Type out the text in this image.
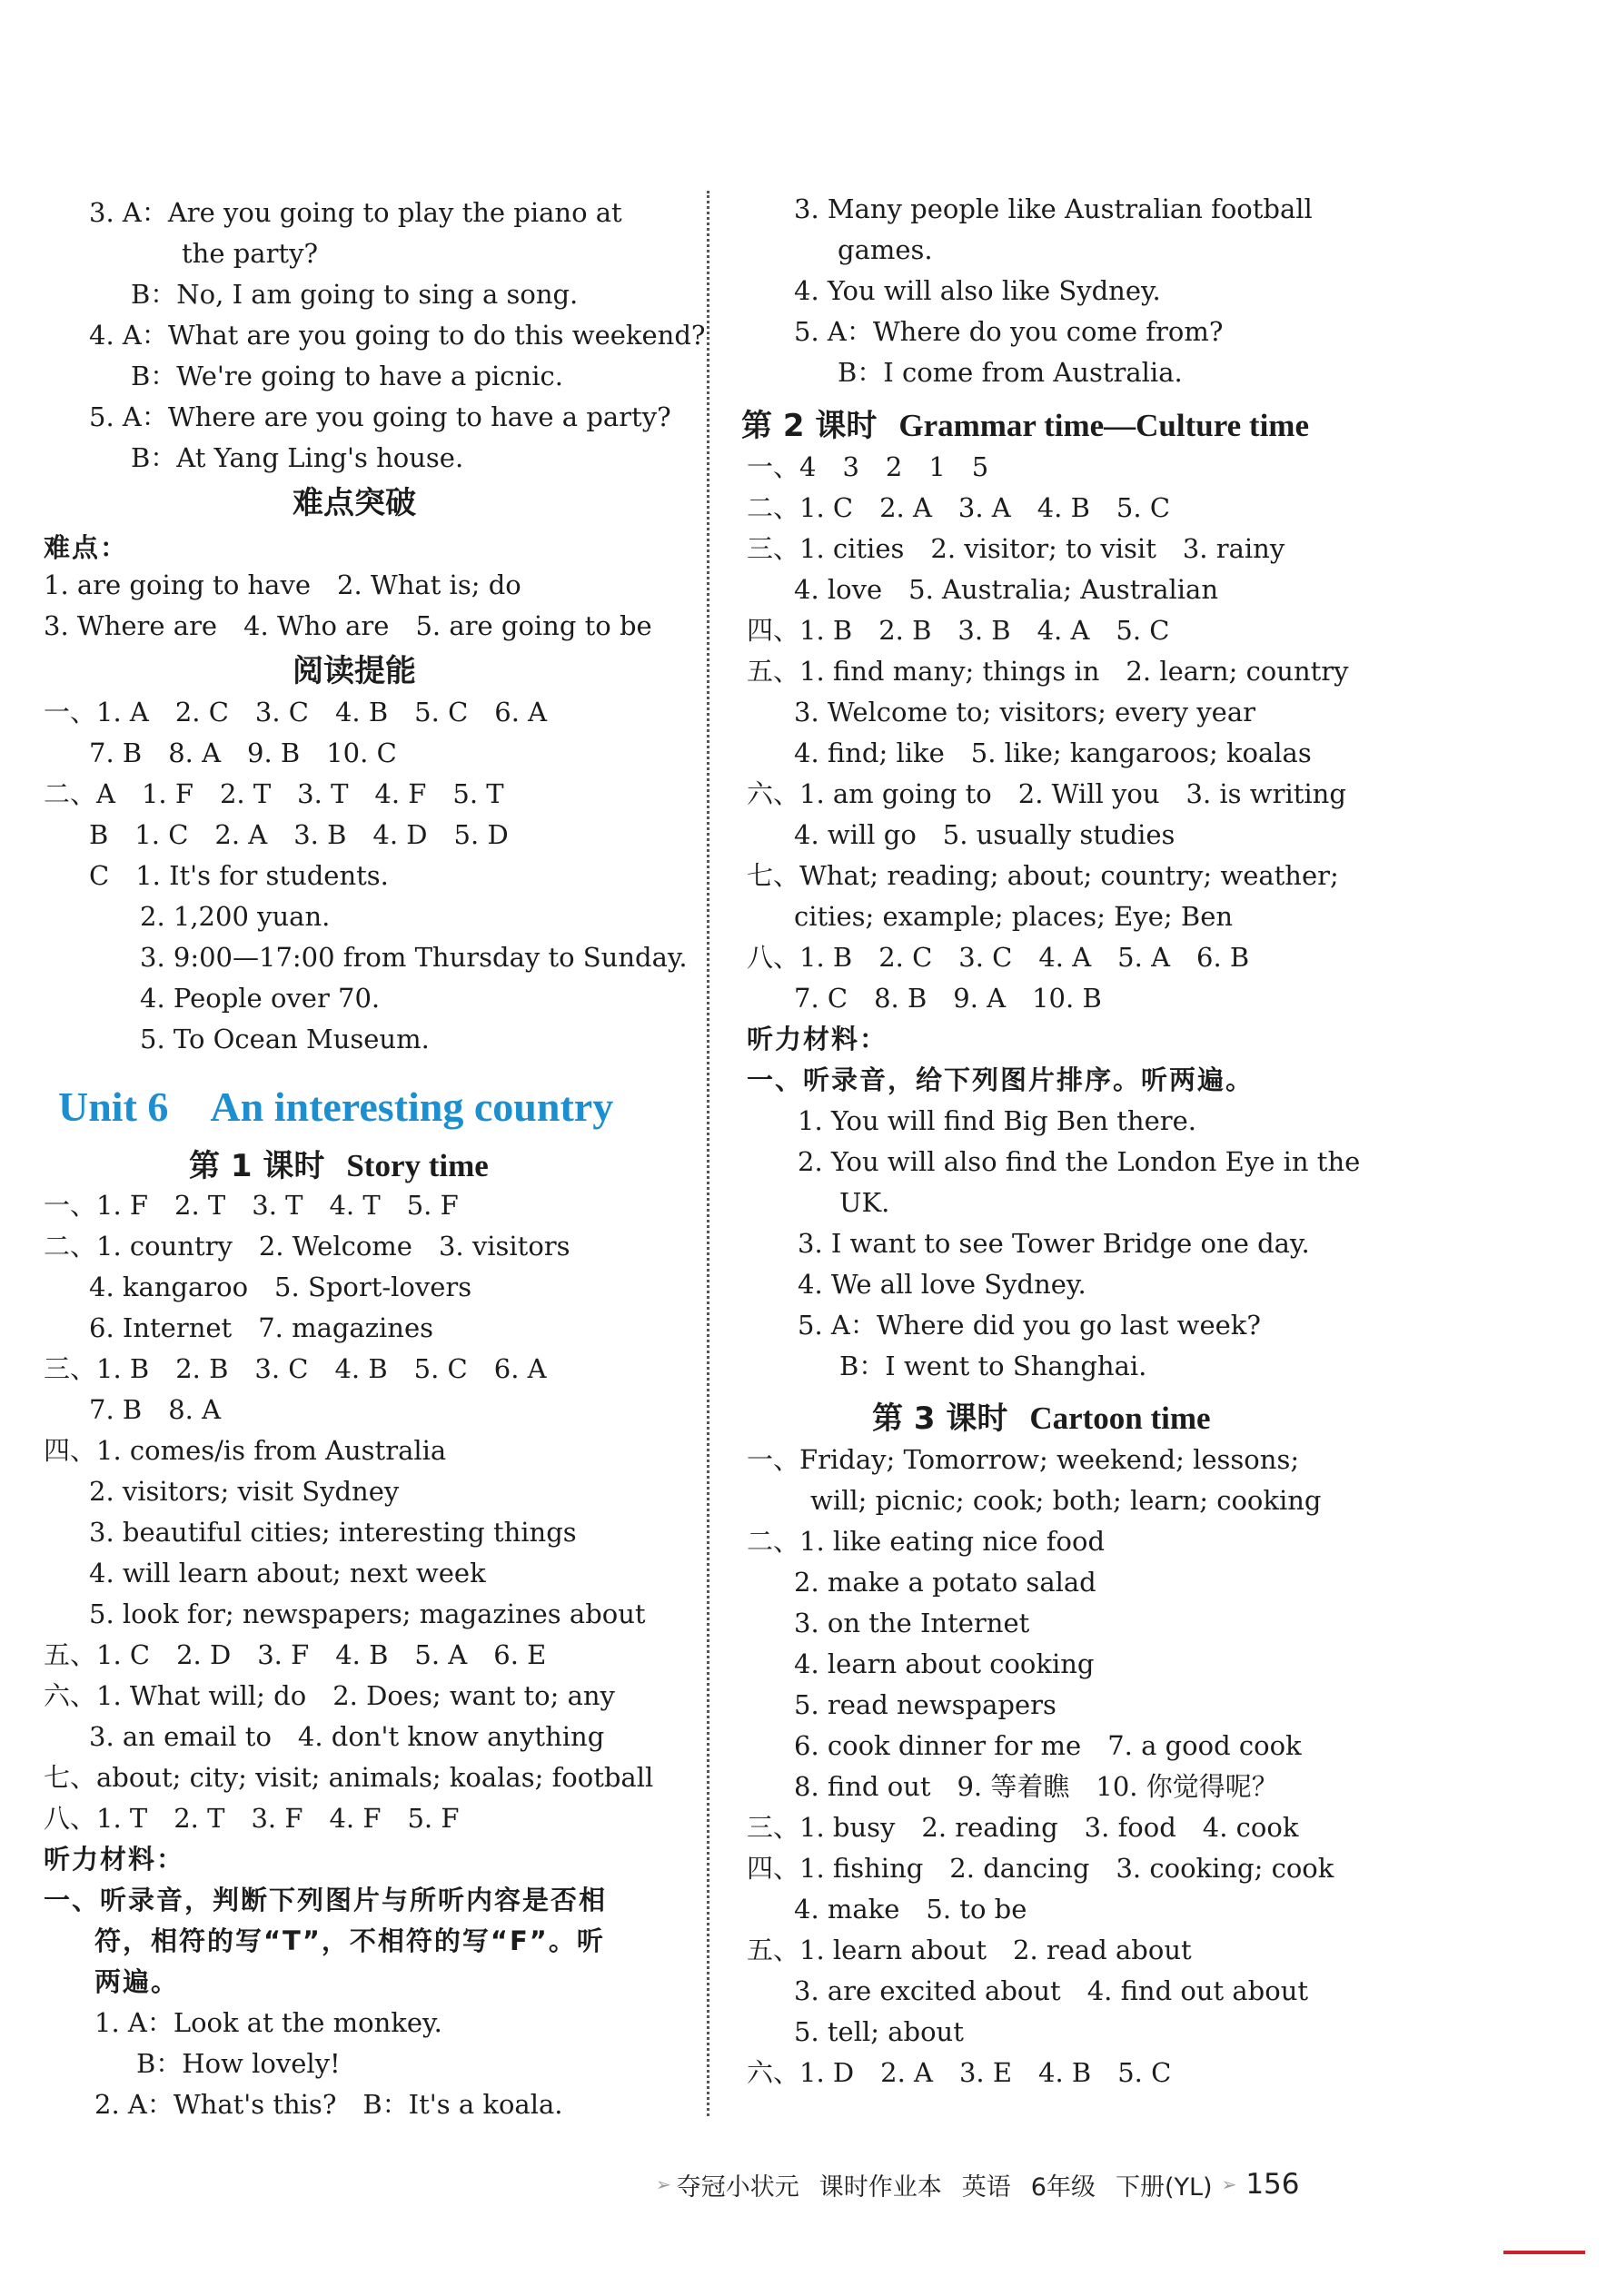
3. A：Are you going to play the piano at
the party?
B：No, I am going to sing a song.
4. A：What are you going to do this weekend?
B：We're going to have a picnic.
5. A：Where are you going to have a party?
B：At Yang Ling's house.
难点突破
难点：
1. are going to have　2. What is; do
3. Where are　4. Who are　5. are going to be
阅读提能
一、1. A　2. C　3. C　4. B　5. C　6. A
7. B　8. A　9. B　10. C
二、A　1. F　2. T　3. T　4. F　5. T
B　1. C　2. A　3. B　4. D　5. D
C　1. It's for students.
2. 1,200 yuan.
3. 9:00—17:00 from Thursday to Sunday.
4. People over 70.
5. To Ocean Museum.
Unit 6　An interesting country
第 1 课时 Story time
一、1. F　2. T　3. T　4. T　5. F
二、1. country　2. Welcome　3. visitors
4. kangaroo　5. Sport-lovers
6. Internet　7. magazines
三、1. B　2. B　3. C　4. B　5. C　6. A
7. B　8. A
四、1. comes/is from Australia
2. visitors; visit Sydney
3. beautiful cities; interesting things
4. will learn about; next week
5. look for; newspapers; magazines about
五、1. C　2. D　3. F　4. B　5. A　6. E
六、1. What will; do　2. Does; want to; any
3. an email to　4. don't know anything
七、about; city; visit; animals; koalas; football
八、1. T　2. T　3. F　4. F　5. F
听力材料：
一、听录音，判断下列图片与所听内容是否相
符，相符的写“T”，不相符的写“F”。听
两遍。
1. A：Look at the monkey.
B：How lovely!
2. A：What's this?　B：It's a koala.
3. Many people like Australian football
games.
4. You will also like Sydney.
5. A：Where do you come from?
B：I come from Australia.
第 2 课时 Grammar time—Culture time
一、4　3　2　1　5
二、1. C　2. A　3. A　4. B　5. C
三、1. cities　2. visitor; to visit　3. rainy
4. love　5. Australia; Australian
四、1. B　2. B　3. B　4. A　5. C
五、1. find many; things in　2. learn; country
3. Welcome to; visitors; every year
4. find; like　5. like; kangaroos; koalas
六、1. am going to　2. Will you　3. is writing
4. will go　5. usually studies
七、What; reading; about; country; weather;
cities; example; places; Eye; Ben
八、1. B　2. C　3. C　4. A　5. A　6. B
7. C　8. B　9. A　10. B
听力材料：
一、听录音，给下列图片排序。听两遍。
1. You will find Big Ben there.
2. You will also find the London Eye in the
UK.
3. I want to see Tower Bridge one day.
4. We all love Sydney.
5. A：Where did you go last week?
B：I went to Shanghai.
第 3 课时 Cartoon time
一、Friday; Tomorrow; weekend; lessons;
will; picnic; cook; both; learn; cooking
二、1. like eating nice food
2. make a potato salad
3. on the Internet
4. learn about cooking
5. read newspapers
6. cook dinner for me　7. a good cook
8. find out　9. 等着瞧　10. 你觉得呢？
三、1. busy　2. reading　3. food　4. cook
四、1. fishing　2. dancing　3. cooking; cook
4. make　5. to be
五、1. learn about　2. read about
3. are excited about　4. find out about
5. tell; about
六、1. D　2. A　3. E　4. B　5. C
➢ 夺冠小状元 课时作业本 英语 6年级 下册(YL) ➢ 156
